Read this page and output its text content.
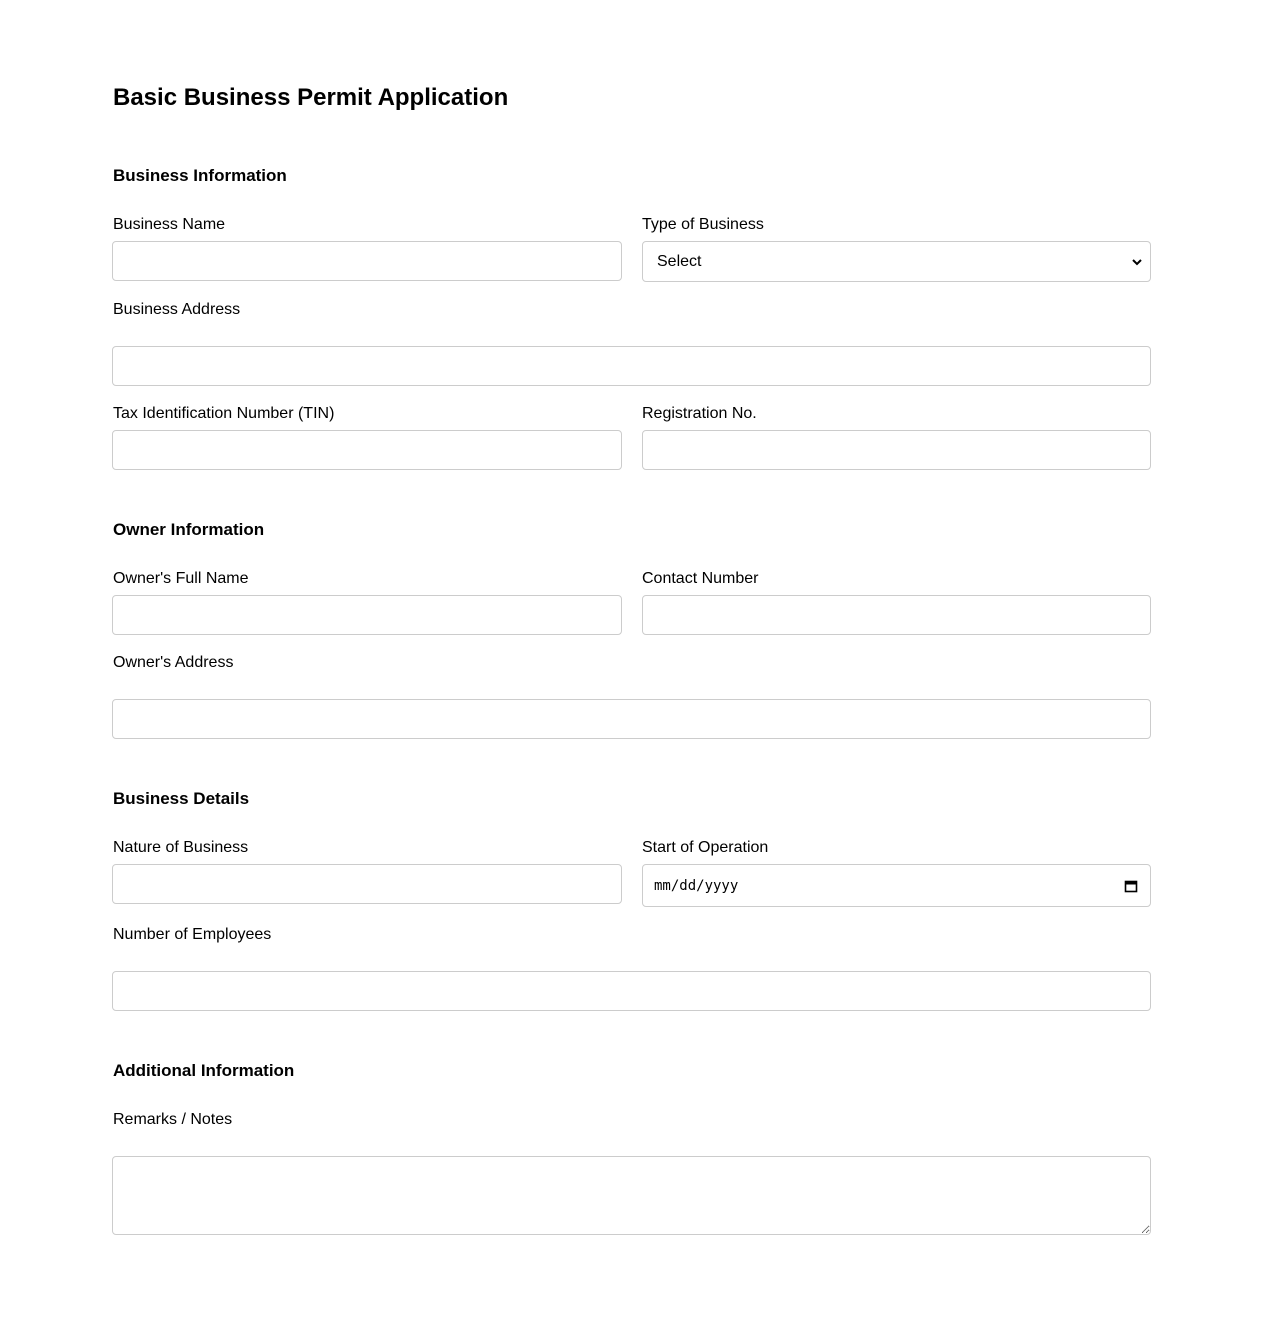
Basic Business Permit Application
Business Information
Business Name	Type of Business
Select
Business Address
Tax Identification Number (TIN)	Registration No.
Owner Information
Owner's Full Name	Contact Number
Owner's Address
Business Details
Nature of Business	Start of Operation
mm/dd/yyyy
Number of Employees
Additional Information
Remarks / Notes
